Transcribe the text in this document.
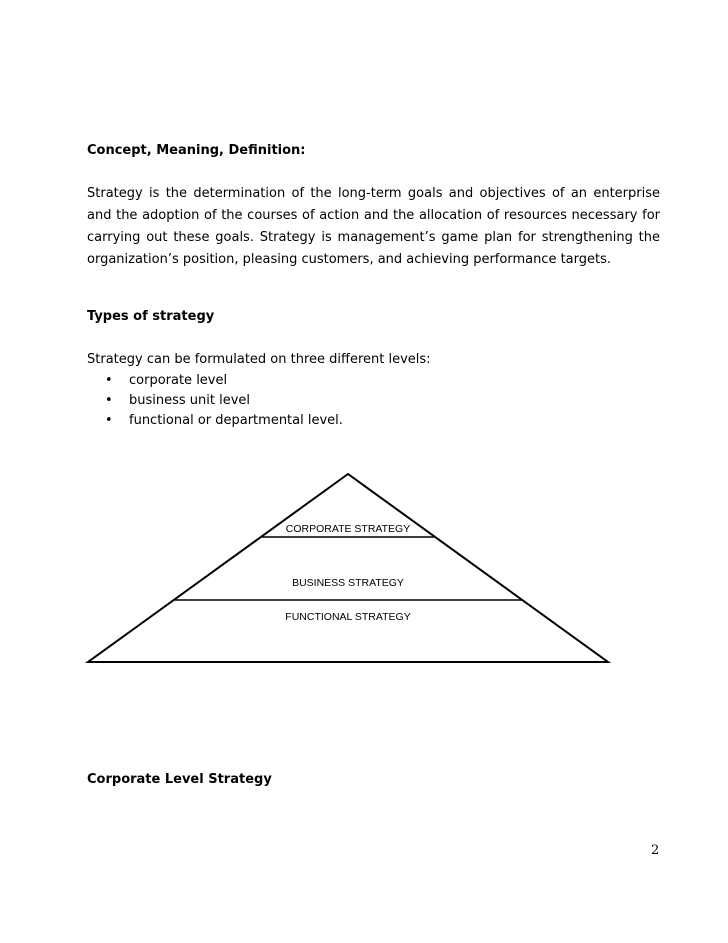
Concept, Meaning, Definition:

Strategy is the determination of the long-term goals and objectives of an enterprise and the adoption of the courses of action and the allocation of resources necessary for carrying out these goals. Strategy is management’s game plan for strengthening the organization’s position, pleasing customers, and achieving performance targets.

Types of strategy

Strategy can be formulated on three different levels:

• corporate level
• business unit level
• functional or departmental level.
CORPORATE STRATEGY
BUSINESS STRATEGY
FUNCTIONAL STRATEGY
Corporate Level Strategy
2
